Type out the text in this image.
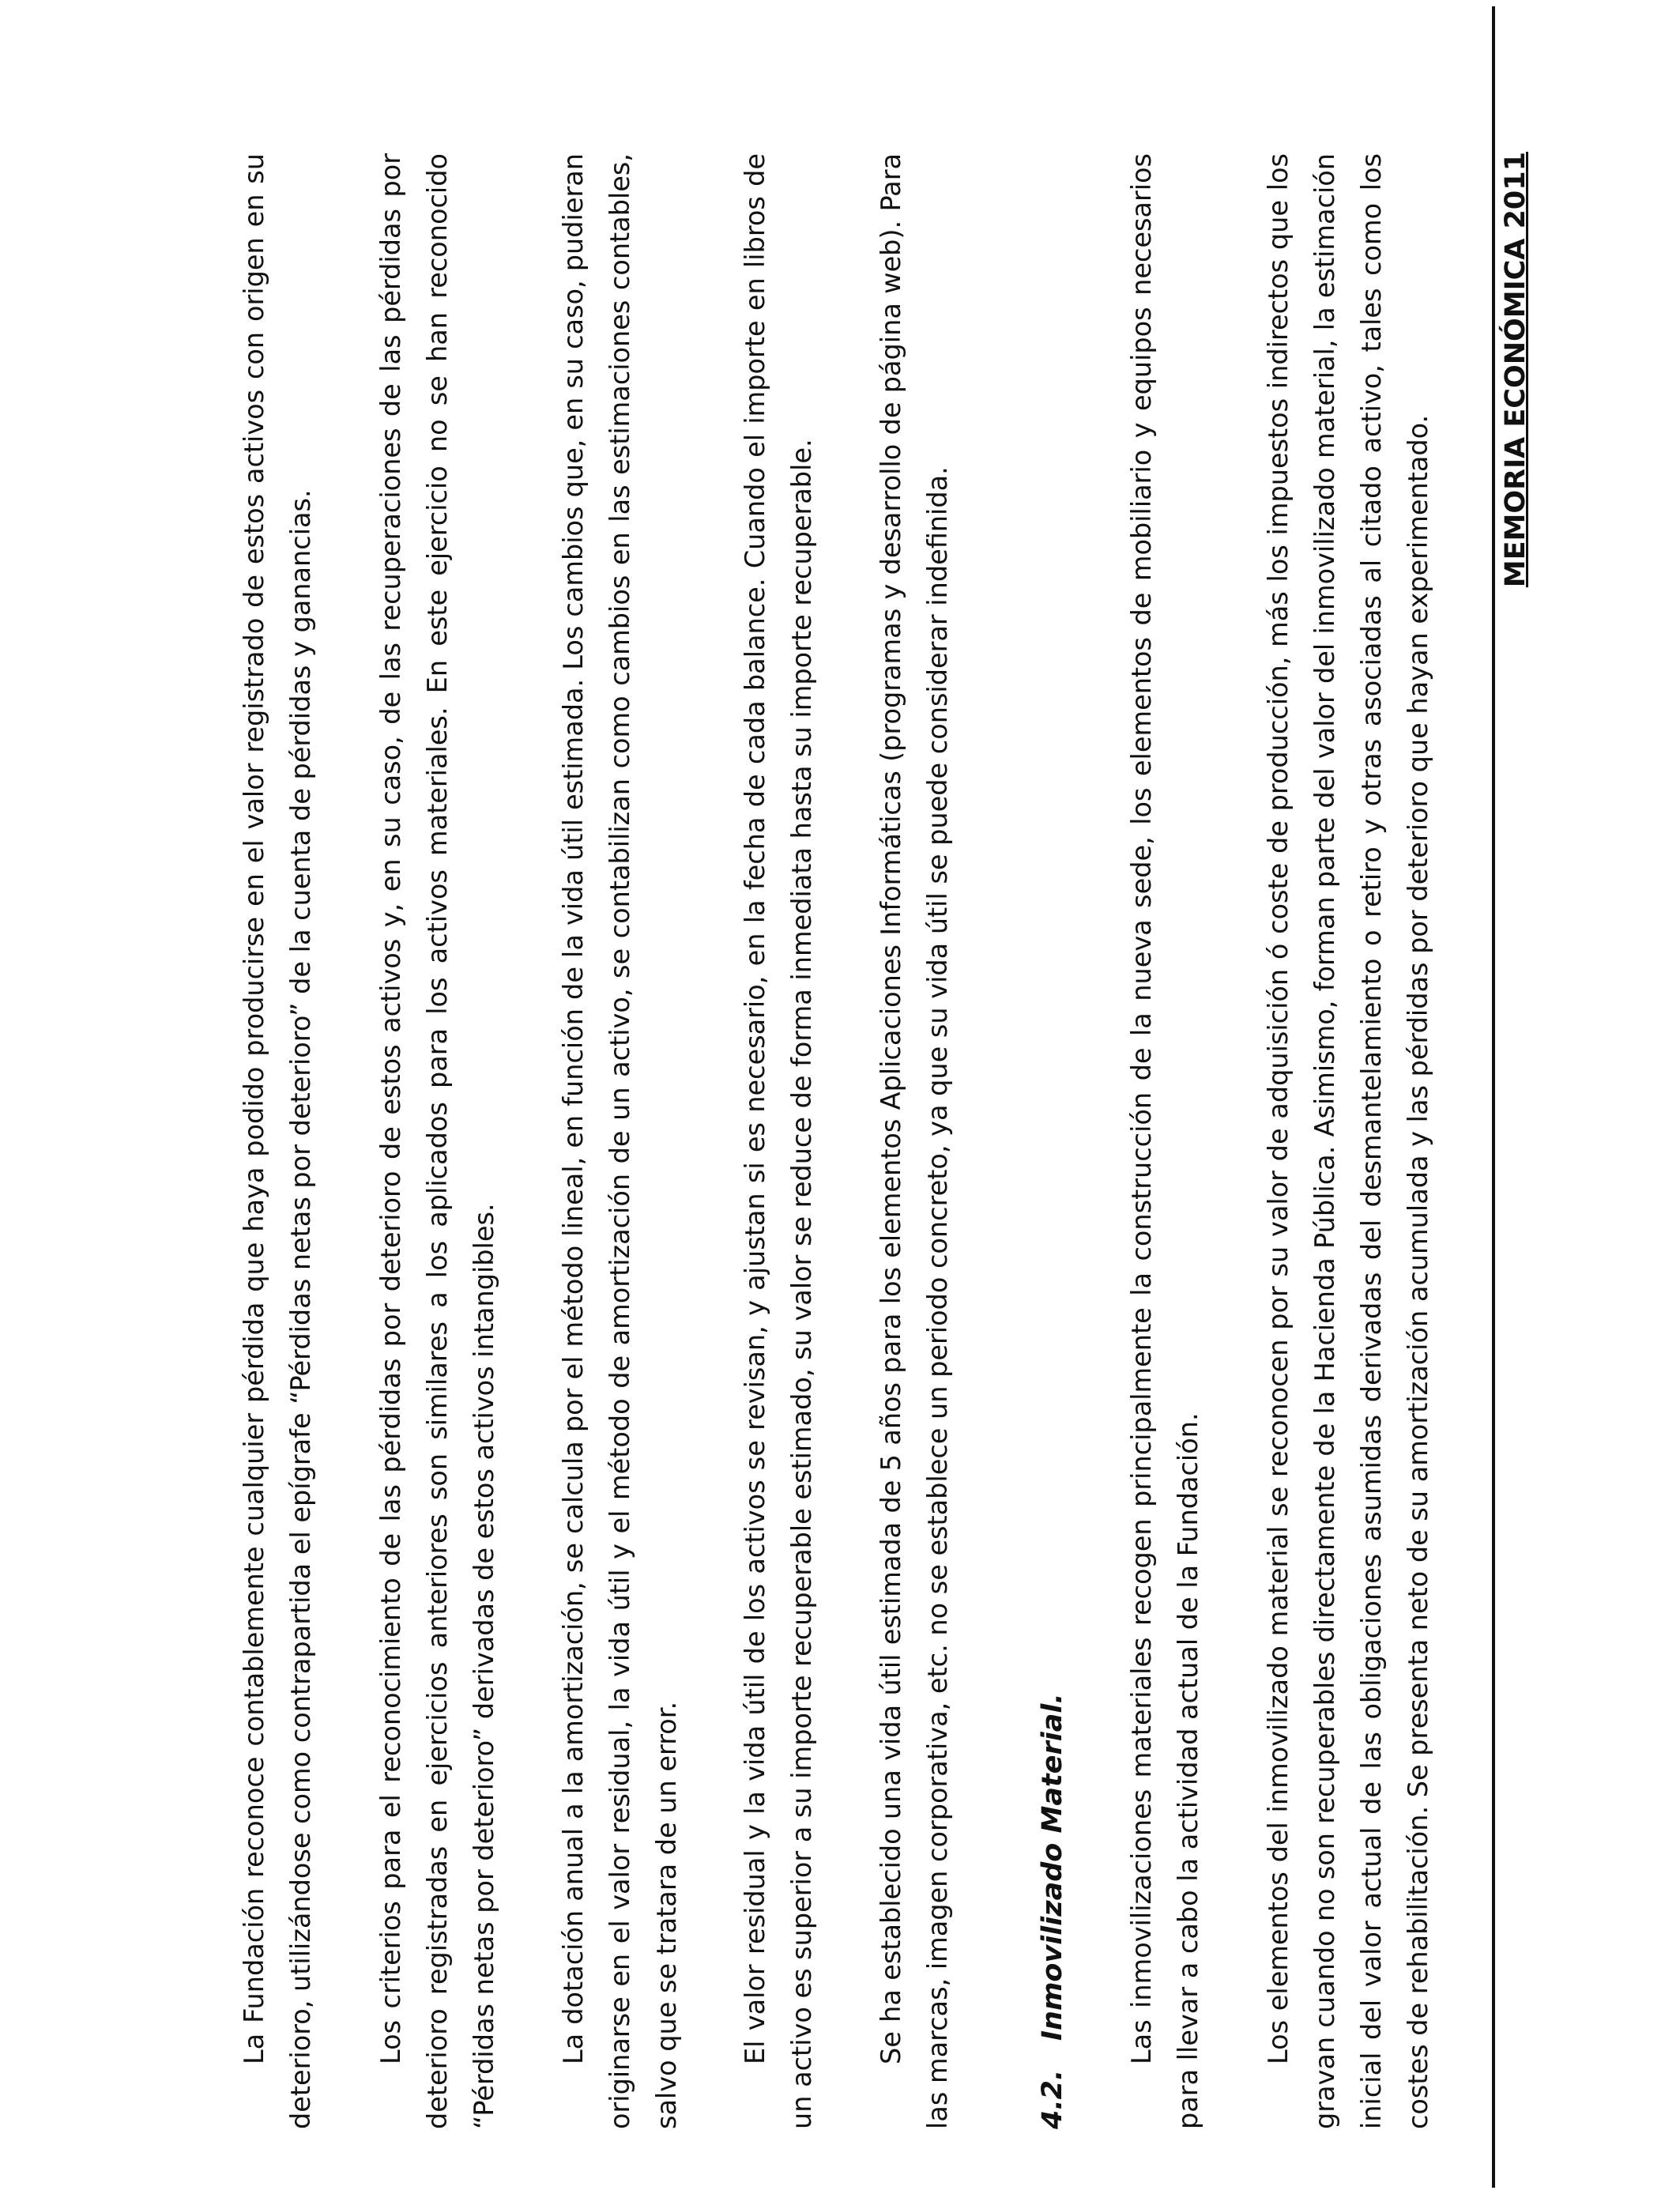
La Fundación reconoce contablemente cualquier pérdida que haya podido producirse en el valor registrado de estos activos con origen en su deterioro, utilizándose como contrapartida el epígrafe “Pérdidas netas por deterioro” de la cuenta de pérdidas y ganancias. Los criterios para el reconocimiento de las pérdidas por deterioro de estos activos y, en su caso, de las recuperaciones de las pérdidas por deterioro registradas en ejercicios anteriores son similares a los aplicados para los activos materiales. En este ejercicio no se han reconocido “Pérdidas netas por deterioro” derivadas de estos activos intangibles. La dotación anual a la amortización, se calcula por el método lineal, en función de la vida útil estimada. Los cambios que, en su caso, pudieran originarse en el valor residual, la vida útil y el método de amortización de un activo, se contabilizan como cambios en las estimaciones contables, salvo que se tratara de un error. El valor residual y la vida útil de los activos se revisan, y ajustan si es necesario, en la fecha de cada balance. Cuando el importe en libros de un activo es superior a su importe recuperable estimado, su valor se reduce de forma inmediata hasta su importe recuperable. Se ha establecido una vida útil estimada de 5 años para los elementos Aplicaciones Informáticas (programas y desarrollo de página web). Para las marcas, imagen corporativa, etc. no se establece un periodo concreto, ya que su vida útil se puede considerar indefinida.	4.2.Inmovilizado Material. Las inmovilizaciones materiales recogen principalmente la construcción de la nueva sede, los elementos de mobiliario y equipos necesarios para llevar a cabo la actividad actual de la Fundación. Los elementos del inmovilizado material se reconocen por su valor de adquisición ó coste de producción, más los impuestos indirectos que los gravan cuando no son recuperables directamente de la Hacienda Pública. Asimismo, forman parte del valor del inmovilizado material, la estimación inicial del valor actual de las obligaciones asumidas derivadas del desmantelamiento o retiro y otras asociadas al citado activo, tales como los costes de rehabilitación. Se presenta neto de su amortización acumulada y las pérdidas por deterioro que hayan experimentado.

MEMORIA ECONÓMICA 2011
